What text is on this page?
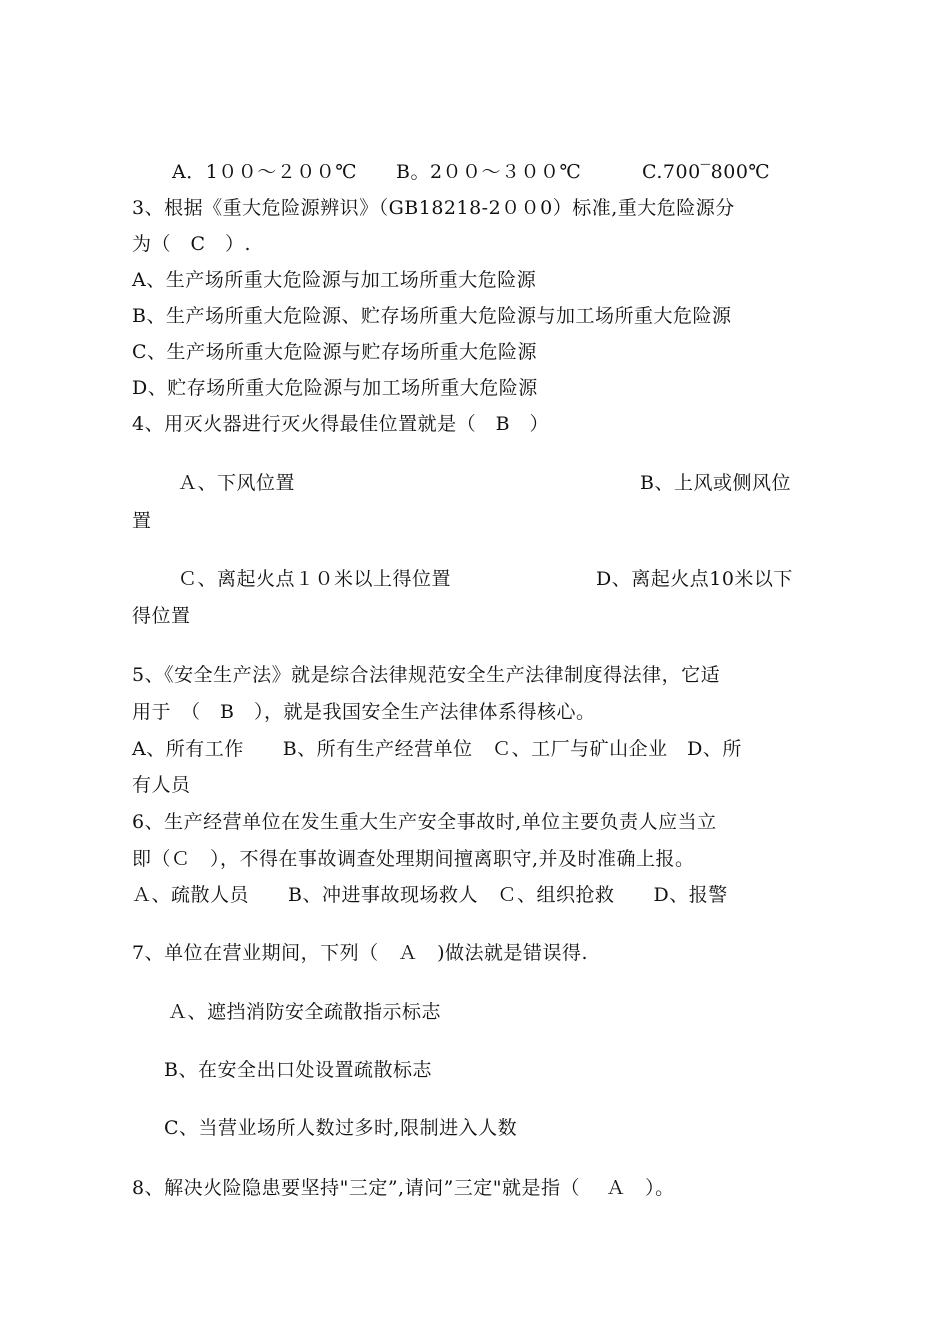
A．1００～２００℃ B。2００～３００℃	C.700‾800℃
3、根据《重大危险源辨识》（GB18218-2００0）标准,重大危险源分
为（　C　）.
A、生产场所重大危险源与加工场所重大危险源
B、生产场所重大危险源、贮存场所重大危险源与加工场所重大危险源
C、生产场所重大危险源与贮存场所重大危险源
D、贮存场所重大危险源与加工场所重大危险源
4、用灭火器进行灭火得最佳位置就是（　B　）
Ａ、下风位置	B、上风或侧风位
置
Ｃ、离起火点１０米以上得位置	D、离起火点10米以下
得位置
5、《安全生产法》就是综合法律规范安全生产法律制度得法律，它适
用于　（　B　），就是我国安全生产法律体系得核心。
A、所有工作　　B、所有生产经营单位　Ｃ、工厂与矿山企业　D、所
有人员
6、生产经营单位在发生重大生产安全事故时,单位主要负责人应当立
即（Ｃ　），不得在事故调查处理期间擅离职守,并及时准确上报。
Ａ、疏散人员　　B、冲进事故现场救人　Ｃ、组织抢救　　D、报警
7、单位在营业期间，下列（　Ａ　)做法就是错误得.
Ａ、遮挡消防安全疏散指示标志
B、在安全出口处设置疏散标志
C、当营业场所人数过多时,限制进入人数
8、解决火险隐患要坚持"三定”,请问”三定"就是指（　 Ａ　）。
